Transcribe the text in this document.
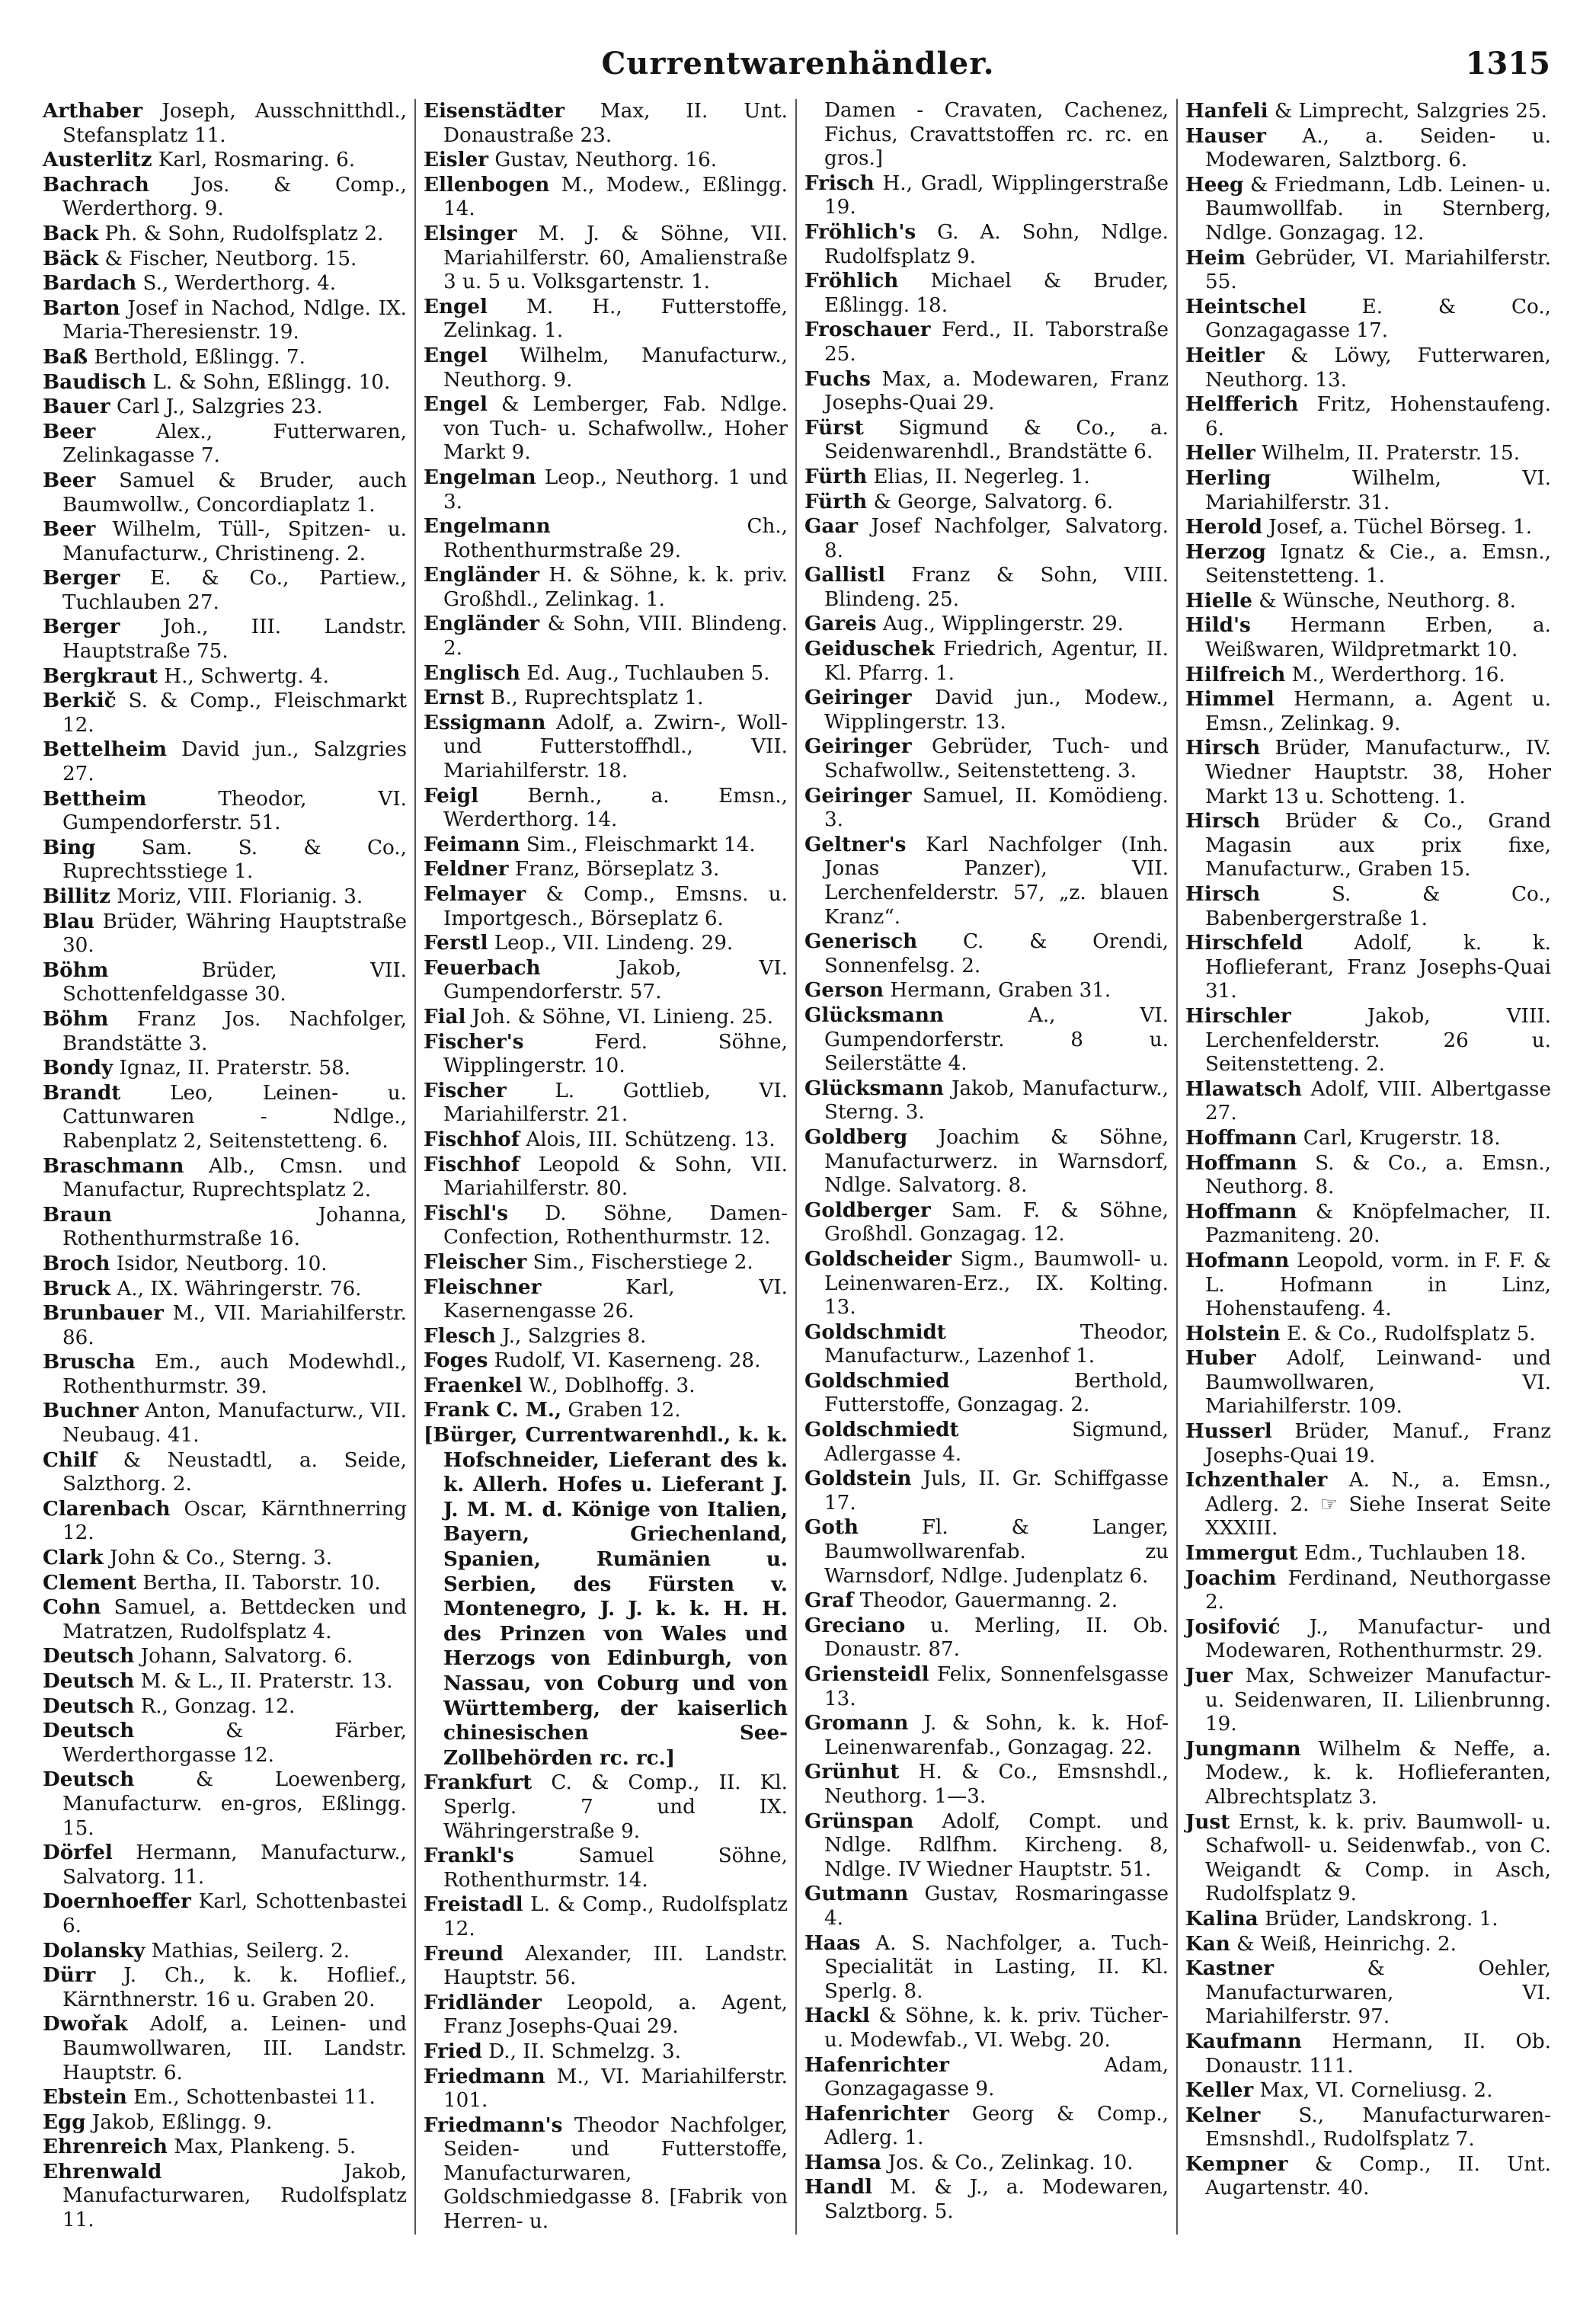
Currentwarenhändler.	1315
Arthaber Joseph, Ausschnitthdl., Stefansplatz 11.
Austerlitz Karl, Rosmaring. 6.
Bachrach Jos. & Comp., Werderthorg. 9.
Back Ph. & Sohn, Rudolfsplatz 2.
Bäck & Fischer, Neutborg. 15.
Bardach S., Werderthorg. 4.
Barton Josef in Nachod, Ndlge. IX. Maria-Theresienstr. 19.
Baß Berthold, Eßlingg. 7.
Baudisch L. & Sohn, Eßlingg. 10.
Bauer Carl J., Salzgries 23.
Beer	Alex., Futterwaren, Zelinkagasse 7.
Beer Samuel & Bruder, auch Baumwollw., Concordiaplatz 1.
Beer Wilhelm, Tüll-, Spitzen- u. Manufacturw., Christineng. 2.
Berger E. & Co., Partiew., Tuchlauben 27.
Berger Joh., III. Landstr. Hauptstraße 75.
Bergkraut H., Schwertg. 4.
Berkič S. & Comp., Fleischmarkt 12.
Bettelheim David jun., Salzgries 27.
Bettheim	Theodor, VI. Gumpendorferstr. 51.
Bing Sam. S. & Co., Ruprechtsstiege 1.
Billitz Moriz, VIII. Florianig. 3.
Blau Brüder, Währing Hauptstraße 30.
Böhm	Brüder, VII. Schottenfeldgasse 30.
Böhm Franz Jos. Nachfolger, Brandstätte 3.
Bondy Ignaz, II. Praterstr. 58.
Brandt Leo, Leinen- u. Cattunwaren - Ndlge., Rabenplatz 2, Seitenstetteng. 6.
Braschmann Alb., Cmsn. und Manufactur, Ruprechtsplatz 2.
Braun	Johanna, Rothenthurmstraße 16.
Broch Isidor, Neutborg. 10.
Bruck A., IX. Währingerstr. 76.
Brunbauer M., VII. Mariahilferstr. 86.
Bruscha Em., auch Modewhdl., Rothenthurmstr. 39.
Buchner Anton, Manufacturw., VII. Neubaug. 41.
Chilf & Neustadtl, a. Seide, Salzthorg. 2.
Clarenbach Oscar, Kärnthnerring 12.
Clark John & Co., Sterng. 3.
Clement Bertha, II. Taborstr. 10.
Cohn Samuel, a. Bettdecken und Matratzen, Rudolfsplatz 4.
Deutsch Johann, Salvatorg. 6.
Deutsch M. & L., II. Praterstr. 13.
Deutsch R., Gonzag. 12.
Deutsch	& Färber, Werderthorgasse 12.
Deutsch	& Loewenberg, Manufacturw. en-gros, Eßlingg. 15.
Dörfel Hermann, Manufacturw., Salvatorg. 11.
Doernhoeffer Karl, Schottenbastei 6.
Dolansky Mathias, Seilerg. 2.
Dürr J. Ch., k. k. Hoflief., Kärnthnerstr. 16 u. Graben 20.
Dwořak Adolf, a. Leinen- und Baumwollwaren, III. Landstr. Hauptstr. 6.
Ebstein Em., Schottenbastei 11.
Egg Jakob, Eßlingg. 9.
Ehrenreich Max, Plankeng. 5.
Ehrenwald	Jakob, Manufacturwaren, Rudolfsplatz 11.
Eisenstädter Max, II. Unt. Donaustraße 23.
Eisler Gustav, Neuthorg. 16.
Ellenbogen M., Modew., Eßlingg. 14.
Elsinger M. J. & Söhne, VII. Mariahilferstr. 60, Amalienstraße 3 u. 5 u. Volksgartenstr. 1.
Engel M. H., Futterstoffe, Zelinkag. 1.
Engel Wilhelm, Manufacturw., Neuthorg. 9.
Engel & Lemberger, Fab. Ndlge. von Tuch- u. Schafwollw., Hoher Markt 9.
Engelman Leop., Neuthorg. 1 und 3.
Engelmann	Ch., Rothenthurmstraße 29.
Engländer H. & Söhne, k. k. priv. Großhdl., Zelinkag. 1.
Engländer & Sohn, VIII. Blindeng. 2.
Englisch Ed. Aug., Tuchlauben 5.
Ernst B., Ruprechtsplatz 1.
Essigmann Adolf, a. Zwirn-, Woll- und Futterstoffhdl., VII. Mariahilferstr. 18.
Feigl Bernh., a. Emsn., Werderthorg. 14.
Feimann Sim., Fleischmarkt 14.
Feldner Franz, Börseplatz 3.
Felmayer & Comp., Emsns. u. Importgesch., Börseplatz 6.
Ferstl Leop., VII. Lindeng. 29.
Feuerbach	Jakob, VI. Gumpendorferstr. 57.
Fial Joh. & Söhne, VI. Linieng. 25.
Fischer's	Ferd. Söhne, Wipplingerstr. 10.
Fischer L. Gottlieb, VI. Mariahilferstr. 21.
Fischhof Alois, III. Schützeng. 13.
Fischhof Leopold & Sohn, VII. Mariahilferstr. 80.
Fischl's D. Söhne, Damen-Confection, Rothenthurmstr. 12.
Fleischer Sim., Fischerstiege 2.
Fleischner	Karl, VI. Kasernengasse 26.
Flesch J., Salzgries 8.
Foges Rudolf, VI. Kaserneng. 28.
Fraenkel W., Doblhoffg. 3.
Frank C. M., Graben 12.
[Bürger, Currentwarenhdl., k. k. Hofschneider, Lieferant des k. k. Allerh. Hofes u. Lieferant J. J. M. M. d. Könige von Italien, Bayern, Griechenland, Spanien, Rumänien u. Serbien, des Fürsten v. Montenegro, J. J. k. k. H. H. des Prinzen von Wales und Herzogs von Edinburgh, von Nassau, von Coburg und von Württemberg, der kaiserlich chinesischen See-Zollbehörden rc. rc.]
Frankfurt C. & Comp., II. Kl. Sperlg. 7 und IX. Währingerstraße 9.
Frankl's	Samuel Söhne, Rothenthurmstr. 14.
Freistadl L. & Comp., Rudolfsplatz 12.
Freund Alexander, III. Landstr. Hauptstr. 56.
Fridländer Leopold, a. Agent, Franz Josephs-Quai 29.
Fried D., II. Schmelzg. 3.
Friedmann M., VI. Mariahilferstr. 101.
Friedmann's Theodor Nachfolger, Seiden- und Futterstoffe, Manufacturwaren, Goldschmiedgasse 8. [Fabrik von Herren- u.
Damen - Cravaten, Cachenez, Fichus, Cravattstoffen rc. rc. en gros.]
Frisch H., Gradl, Wipplingerstraße 19.
Fröhlich's G. A. Sohn, Ndlge. Rudolfsplatz 9.
Fröhlich Michael & Bruder, Eßlingg. 18.
Froschauer Ferd., II. Taborstraße 25.
Fuchs Max, a. Modewaren, Franz Josephs-Quai 29.
Fürst Sigmund & Co., a. Seidenwarenhdl., Brandstätte 6.
Fürth Elias, II. Negerleg. 1.
Fürth & George, Salvatorg. 6.
Gaar Josef Nachfolger, Salvatorg. 8.
Gallistl Franz & Sohn, VIII. Blindeng. 25.
Gareis Aug., Wipplingerstr. 29.
Geiduschek Friedrich, Agentur, II. Kl. Pfarrg. 1.
Geiringer David jun., Modew., Wipplingerstr. 13.
Geiringer Gebrüder, Tuch- und Schafwollw., Seitenstetteng. 3.
Geiringer Samuel, II. Komödieng. 3.
Geltner's Karl Nachfolger (Inh. Jonas Panzer), VII. Lerchenfelderstr. 57, „z. blauen Kranz“.
Generisch C. & Orendi, Sonnenfelsg. 2.
Gerson Hermann, Graben 31.
Glücksmann	A., VI. Gumpendorferstr. 8 u. Seilerstätte 4.
Glücksmann Jakob, Manufacturw., Sterng. 3.
Goldberg Joachim & Söhne, Manufacturwerz. in Warnsdorf, Ndlge. Salvatorg. 8.
Goldberger Sam. F. & Söhne, Großhdl. Gonzagag. 12.
Goldscheider Sigm., Baumwoll- u. Leinenwaren-Erz., IX. Kolting. 13.
Goldschmidt	Theodor, Manufacturw., Lazenhof 1.
Goldschmied	Berthold, Futterstoffe, Gonzagag. 2.
Goldschmiedt	Sigmund, Adlergasse 4.
Goldstein Juls, II. Gr. Schiffgasse 17.
Goth	Fl. & Langer, Baumwollwarenfab. zu Warnsdorf, Ndlge. Judenplatz 6.
Graf Theodor, Gauermanng. 2.
Greciano u. Merling, II. Ob. Donaustr. 87.
Griensteidl Felix, Sonnenfelsgasse 13.
Gromann J. & Sohn, k. k. Hof-Leinenwarenfab., Gonzagag. 22.
Grünhut H. & Co., Emsnshdl., Neuthorg. 1—3.
Grünspan Adolf, Compt. und Ndlge. Rdlfhm. Kircheng. 8, Ndlge. IV Wiedner Hauptstr. 51.
Gutmann Gustav, Rosmaringasse 4.
Haas A. S. Nachfolger, a. Tuch-Specialität in Lasting, II. Kl. Sperlg. 8.
Hackl & Söhne, k. k. priv. Tücher- u. Modewfab., VI. Webg. 20.
Hafenrichter	Adam, Gonzagagasse 9.
Hafenrichter Georg & Comp., Adlerg. 1.
Hamsa Jos. & Co., Zelinkag. 10.
Handl M. & J., a. Modewaren, Salztborg. 5.
Hanfeli & Limprecht, Salzgries 25.
Hauser A., a. Seiden- u. Modewaren, Salztborg. 6.
Heeg & Friedmann, Ldb. Leinen- u. Baumwollfab. in Sternberg, Ndlge. Gonzagag. 12.
Heim Gebrüder, VI. Mariahilferstr. 55.
Heintschel	E. & Co., Gonzagagasse 17.
Heitler & Löwy, Futterwaren, Neuthorg. 13.
Helfferich Fritz, Hohenstaufeng. 6.
Heller Wilhelm, II. Praterstr. 15.
Herling	Wilhelm, VI. Mariahilferstr. 31.
Herold Josef, a. Tüchel Börseg. 1.
Herzog Ignatz & Cie., a. Emsn., Seitenstetteng. 1.
Hielle & Wünsche, Neuthorg. 8.
Hild's Hermann Erben, a. Weißwaren, Wildpretmarkt 10.
Hilfreich M., Werderthorg. 16.
Himmel Hermann, a. Agent u. Emsn., Zelinkag. 9.
Hirsch Brüder, Manufacturw., IV. Wiedner Hauptstr. 38, Hoher Markt 13 u. Schotteng. 1.
Hirsch Brüder & Co., Grand Magasin aux prix fixe, Manufacturw., Graben 15.
Hirsch	S. & Co., Babenbergerstraße 1.
Hirschfeld	Adolf, k. k. Hoflieferant, Franz Josephs-Quai 31.
Hirschler	Jakob, VIII. Lerchenfelderstr. 26 u. Seitenstetteng. 2.
Hlawatsch Adolf, VIII. Albertgasse 27.
Hoffmann Carl, Krugerstr. 18.
Hoffmann S. & Co., a. Emsn., Neuthorg. 8.
Hoffmann & Knöpfelmacher, II. Pazmaniteng. 20.
Hofmann Leopold, vorm. in F. F. & L. Hofmann in Linz, Hohenstaufeng. 4.
Holstein E. & Co., Rudolfsplatz 5.
Huber Adolf, Leinwand- und Baumwollwaren, VI. Mariahilferstr. 109.
Husserl Brüder, Manuf., Franz Josephs-Quai 19.
Ichzenthaler A. N., a. Emsn., Adlerg. 2. ☞ Siehe Inserat Seite XXXIII.
Immergut Edm., Tuchlauben 18.
Joachim Ferdinand, Neuthorgasse 2.
Josifović J., Manufactur- und Modewaren, Rothenthurmstr. 29.
Juer Max, Schweizer Manufactur- u. Seidenwaren, II. Lilienbrunng. 19.
Jungmann Wilhelm & Neffe, a. Modew., k. k. Hoflieferanten, Albrechtsplatz 3.
Just Ernst, k. k. priv. Baumwoll- u. Schafwoll- u. Seidenwfab., von C. Weigandt & Comp. in Asch, Rudolfsplatz 9.
Kalina Brüder, Landskrong. 1.
Kan & Weiß, Heinrichg. 2.
Kastner	& Oehler, Manufacturwaren, VI. Mariahilferstr. 97.
Kaufmann Hermann, II. Ob. Donaustr. 111.
Keller Max, VI. Corneliusg. 2.
Kelner S., Manufacturwaren-Emsnshdl., Rudolfsplatz 7.
Kempner & Comp., II. Unt. Augartenstr. 40.
